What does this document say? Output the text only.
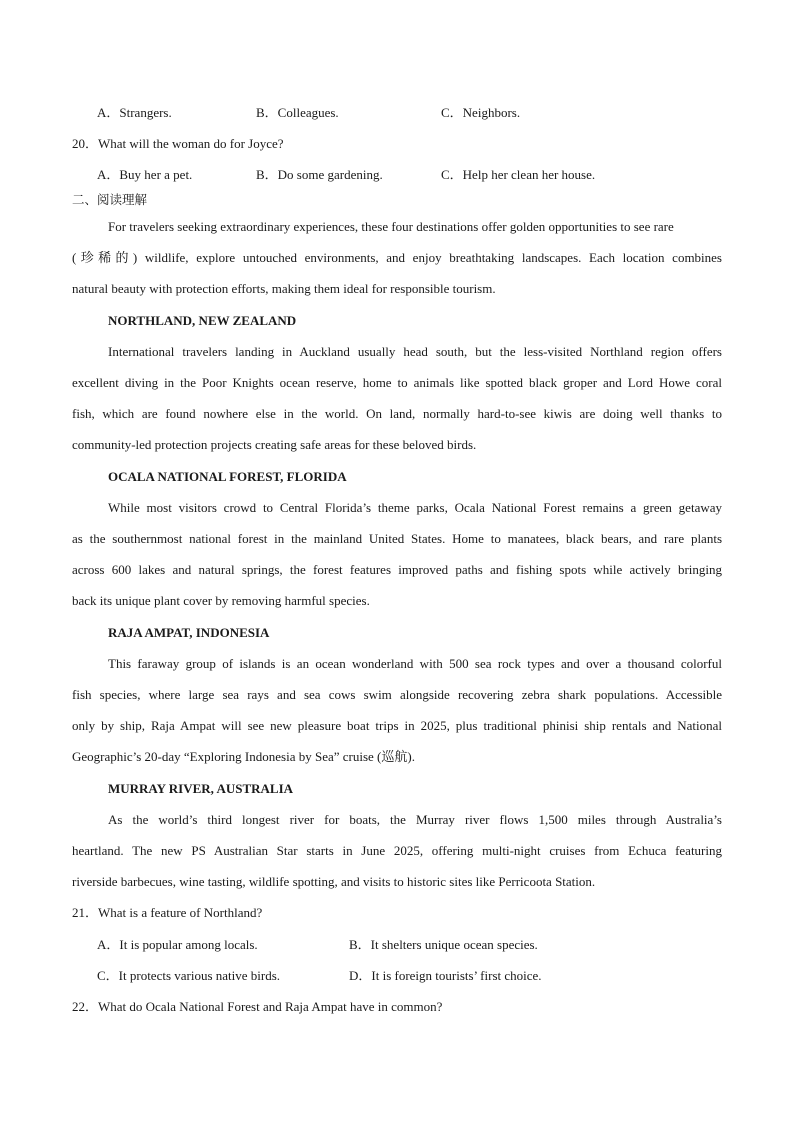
A．Strangers.	B．Colleagues.	C．Neighbors.
20．What will the woman do for Joyce?
A．Buy her a pet.	B．Do some gardening.	C．Help her clean her house.
二、阅读理解
For travelers seeking extraordinary experiences, these four destinations offer golden opportunities to see rare
(珍稀的) wildlife, explore untouched environments, and enjoy breathtaking landscapes. Each location combines
natural beauty with protection efforts, making them ideal for responsible tourism.
NORTHLAND, NEW ZEALAND
International travelers landing in Auckland usually head south, but the less-visited Northland region offers
excellent diving in the Poor Knights ocean reserve, home to animals like spotted black groper and Lord Howe coral
fish, which are found nowhere else in the world. On land, normally hard-to-see kiwis are doing well thanks to
community-led protection projects creating safe areas for these beloved birds.
OCALA NATIONAL FOREST, FLORIDA
While most visitors crowd to Central Florida’s theme parks, Ocala National Forest remains a green getaway
as the southernmost national forest in the mainland United States. Home to manatees, black bears, and rare plants
across 600 lakes and natural springs, the forest features improved paths and fishing spots while actively bringing
back its unique plant cover by removing harmful species.
RAJA AMPAT, INDONESIA
This faraway group of islands is an ocean wonderland with 500 sea rock types and over a thousand colorful
fish species, where large sea rays and sea cows swim alongside recovering zebra shark populations. Accessible
only by ship, Raja Ampat will see new pleasure boat trips in 2025, plus traditional phinisi ship rentals and National
Geographic’s 20-day “Exploring Indonesia by Sea” cruise (巡航).
MURRAY RIVER, AUSTRALIA
As the world’s third longest river for boats, the Murray river flows 1,500 miles through Australia’s
heartland. The new PS Australian Star starts in June 2025, offering multi-night cruises from Echuca featuring
riverside barbecues, wine tasting, wildlife spotting, and visits to historic sites like Perricoota Station.
21．What is a feature of Northland?
A．It is popular among locals.	B．It shelters unique ocean species.
C．It protects various native birds.	D．It is foreign tourists’ first choice.
22．What do Ocala National Forest and Raja Ampat have in common?
